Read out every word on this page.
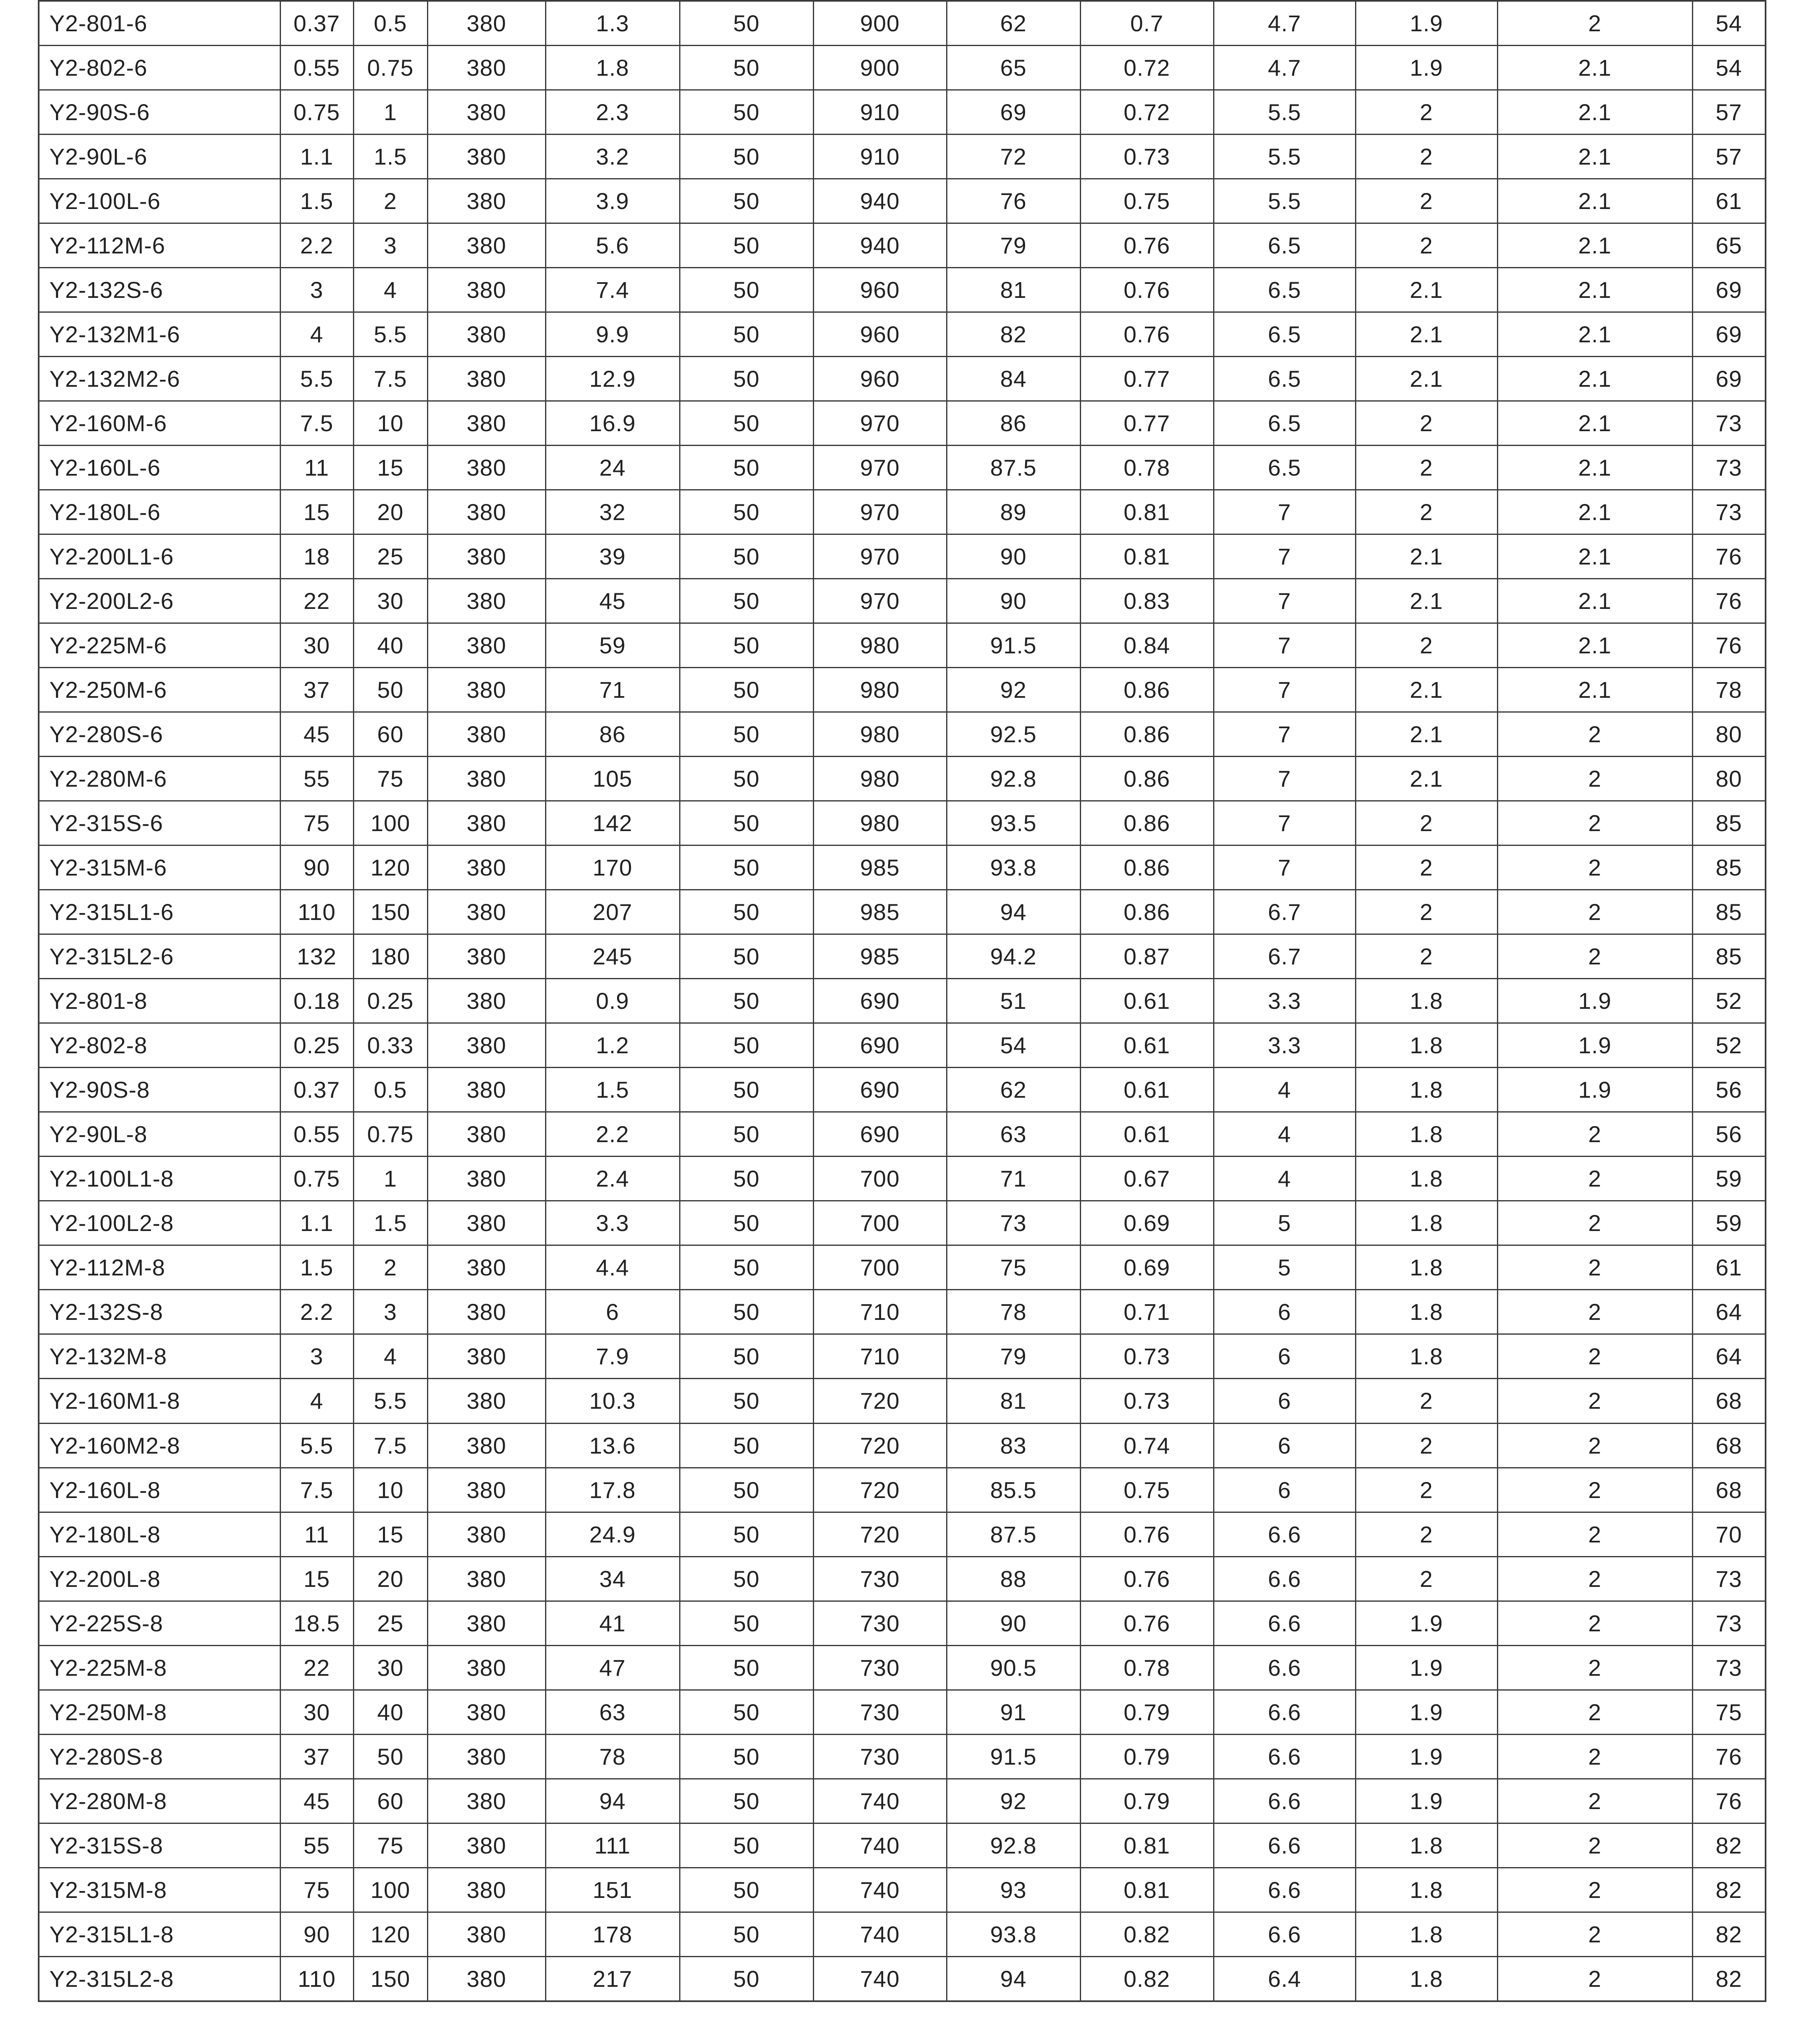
Y2-801-6	0.37	0.5	380	1.3	50	900	62	0.7	4.7	1.9	2	54
Y2-802-6	0.55	0.75	380	1.8	50	900	65	0.72	4.7	1.9	2.1	54
Y2-90S-6	0.75	1	380	2.3	50	910	69	0.72	5.5	2	2.1	57
Y2-90L-6	1.1	1.5	380	3.2	50	910	72	0.73	5.5	2	2.1	57
Y2-100L-6	1.5	2	380	3.9	50	940	76	0.75	5.5	2	2.1	61
Y2-112M-6	2.2	3	380	5.6	50	940	79	0.76	6.5	2	2.1	65
Y2-132S-6	3	4	380	7.4	50	960	81	0.76	6.5	2.1	2.1	69
Y2-132M1-6	4	5.5	380	9.9	50	960	82	0.76	6.5	2.1	2.1	69
Y2-132M2-6	5.5	7.5	380	12.9	50	960	84	0.77	6.5	2.1	2.1	69
Y2-160M-6	7.5	10	380	16.9	50	970	86	0.77	6.5	2	2.1	73
Y2-160L-6	11	15	380	24	50	970	87.5	0.78	6.5	2	2.1	73
Y2-180L-6	15	20	380	32	50	970	89	0.81	7	2	2.1	73
Y2-200L1-6	18	25	380	39	50	970	90	0.81	7	2.1	2.1	76
Y2-200L2-6	22	30	380	45	50	970	90	0.83	7	2.1	2.1	76
Y2-225M-6	30	40	380	59	50	980	91.5	0.84	7	2	2.1	76
Y2-250M-6	37	50	380	71	50	980	92	0.86	7	2.1	2.1	78
Y2-280S-6	45	60	380	86	50	980	92.5	0.86	7	2.1	2	80
Y2-280M-6	55	75	380	105	50	980	92.8	0.86	7	2.1	2	80
Y2-315S-6	75	100	380	142	50	980	93.5	0.86	7	2	2	85
Y2-315M-6	90	120	380	170	50	985	93.8	0.86	7	2	2	85
Y2-315L1-6	110	150	380	207	50	985	94	0.86	6.7	2	2	85
Y2-315L2-6	132	180	380	245	50	985	94.2	0.87	6.7	2	2	85
Y2-801-8	0.18	0.25	380	0.9	50	690	51	0.61	3.3	1.8	1.9	52
Y2-802-8	0.25	0.33	380	1.2	50	690	54	0.61	3.3	1.8	1.9	52
Y2-90S-8	0.37	0.5	380	1.5	50	690	62	0.61	4	1.8	1.9	56
Y2-90L-8	0.55	0.75	380	2.2	50	690	63	0.61	4	1.8	2	56
Y2-100L1-8	0.75	1	380	2.4	50	700	71	0.67	4	1.8	2	59
Y2-100L2-8	1.1	1.5	380	3.3	50	700	73	0.69	5	1.8	2	59
Y2-112M-8	1.5	2	380	4.4	50	700	75	0.69	5	1.8	2	61
Y2-132S-8	2.2	3	380	6	50	710	78	0.71	6	1.8	2	64
Y2-132M-8	3	4	380	7.9	50	710	79	0.73	6	1.8	2	64
Y2-160M1-8	4	5.5	380	10.3	50	720	81	0.73	6	2	2	68
Y2-160M2-8	5.5	7.5	380	13.6	50	720	83	0.74	6	2	2	68
Y2-160L-8	7.5	10	380	17.8	50	720	85.5	0.75	6	2	2	68
Y2-180L-8	11	15	380	24.9	50	720	87.5	0.76	6.6	2	2	70
Y2-200L-8	15	20	380	34	50	730	88	0.76	6.6	2	2	73
Y2-225S-8	18.5	25	380	41	50	730	90	0.76	6.6	1.9	2	73
Y2-225M-8	22	30	380	47	50	730	90.5	0.78	6.6	1.9	2	73
Y2-250M-8	30	40	380	63	50	730	91	0.79	6.6	1.9	2	75
Y2-280S-8	37	50	380	78	50	730	91.5	0.79	6.6	1.9	2	76
Y2-280M-8	45	60	380	94	50	740	92	0.79	6.6	1.9	2	76
Y2-315S-8	55	75	380	111	50	740	92.8	0.81	6.6	1.8	2	82
Y2-315M-8	75	100	380	151	50	740	93	0.81	6.6	1.8	2	82
Y2-315L1-8	90	120	380	178	50	740	93.8	0.82	6.6	1.8	2	82
Y2-315L2-8	110	150	380	217	50	740	94	0.82	6.4	1.8	2	82
